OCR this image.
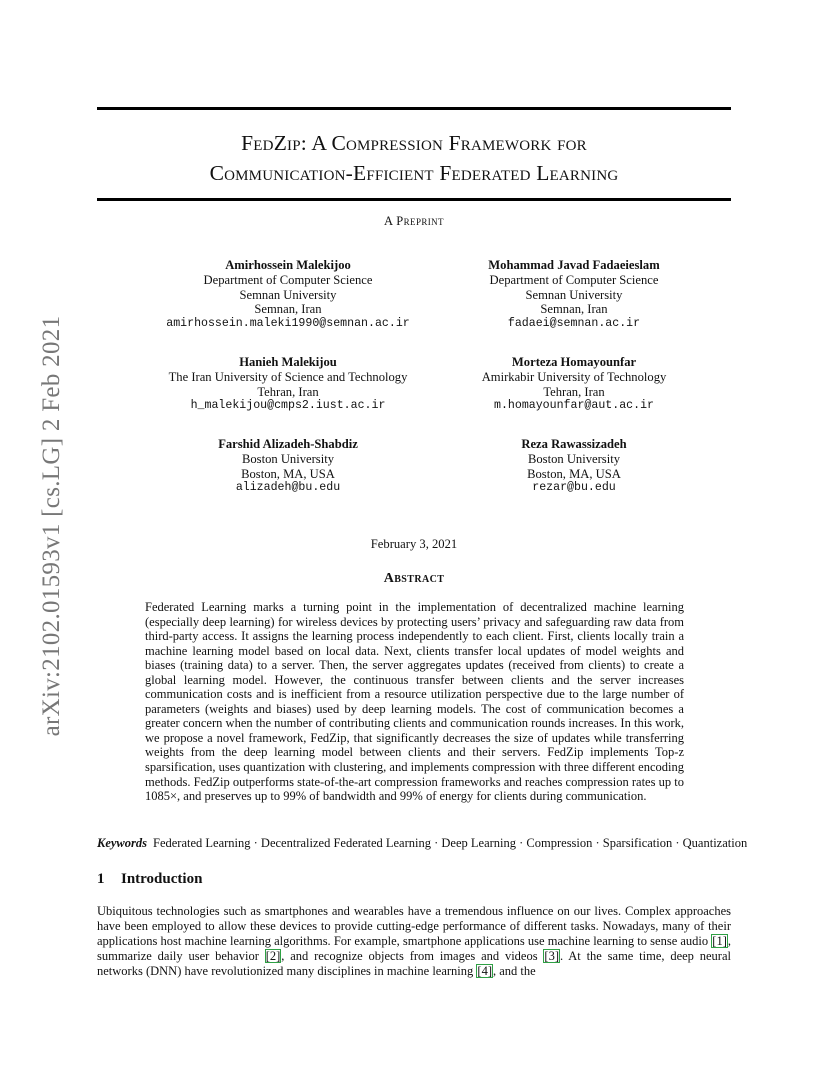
arXiv:2102.01593v1 [cs.LG] 2 Feb 2021
FedZip: A Compression Framework for
Communication-Efficient Federated Learning
A Preprint
Amirhossein Malekijoo
Department of Computer Science
Semnan University
Semnan, Iran
amirhossein.maleki1990@semnan.ac.ir
Mohammad Javad Fadaeieslam
Department of Computer Science
Semnan University
Semnan, Iran
fadaei@semnan.ac.ir
Hanieh Malekijou
The Iran University of Science and Technology
Tehran, Iran
h_malekijou@cmps2.iust.ac.ir
Morteza Homayounfar
Amirkabir University of Technology
Tehran, Iran
m.homayounfar@aut.ac.ir
Farshid Alizadeh-Shabdiz
Boston University
Boston, MA, USA
alizadeh@bu.edu
Reza Rawassizadeh
Boston University
Boston, MA, USA
rezar@bu.edu
February 3, 2021
Abstract
Federated Learning marks a turning point in the implementation of decentralized machine learning (especially deep learning) for wireless devices by protecting users’ privacy and safeguarding raw data from third-party access. It assigns the learning process independently to each client. First, clients locally train a machine learning model based on local data. Next, clients transfer local updates of model weights and biases (training data) to a server. Then, the server aggregates updates (received from clients) to create a global learning model. However, the continuous transfer between clients and the server increases communication costs and is inefficient from a resource utilization perspective due to the large number of parameters (weights and biases) used by deep learning models. The cost of communication becomes a greater concern when the number of contributing clients and communication rounds increases. In this work, we propose a novel framework, FedZip, that significantly decreases the size of updates while transferring weights from the deep learning model between clients and their servers. FedZip implements Top-z sparsification, uses quantization with clustering, and implements compression with three different encoding methods. FedZip outperforms state-of-the-art compression frameworks and reaches compression rates up to 1085×, and preserves up to 99% of bandwidth and 99% of energy for clients during communication.
Keywords Federated Learning · Decentralized Federated Learning · Deep Learning · Compression · Sparsification · Quantization
1 Introduction
Ubiquitous technologies such as smartphones and wearables have a tremendous influence on our lives. Complex approaches have been employed to allow these devices to provide cutting-edge performance of different tasks. Nowadays, many of their applications host machine learning algorithms. For example, smartphone applications use machine learning to sense audio [1], summarize daily user behavior [2], and recognize objects from images and videos [3]. At the same time, deep neural networks (DNN) have revolutionized many disciplines in machine learning [4], and the
